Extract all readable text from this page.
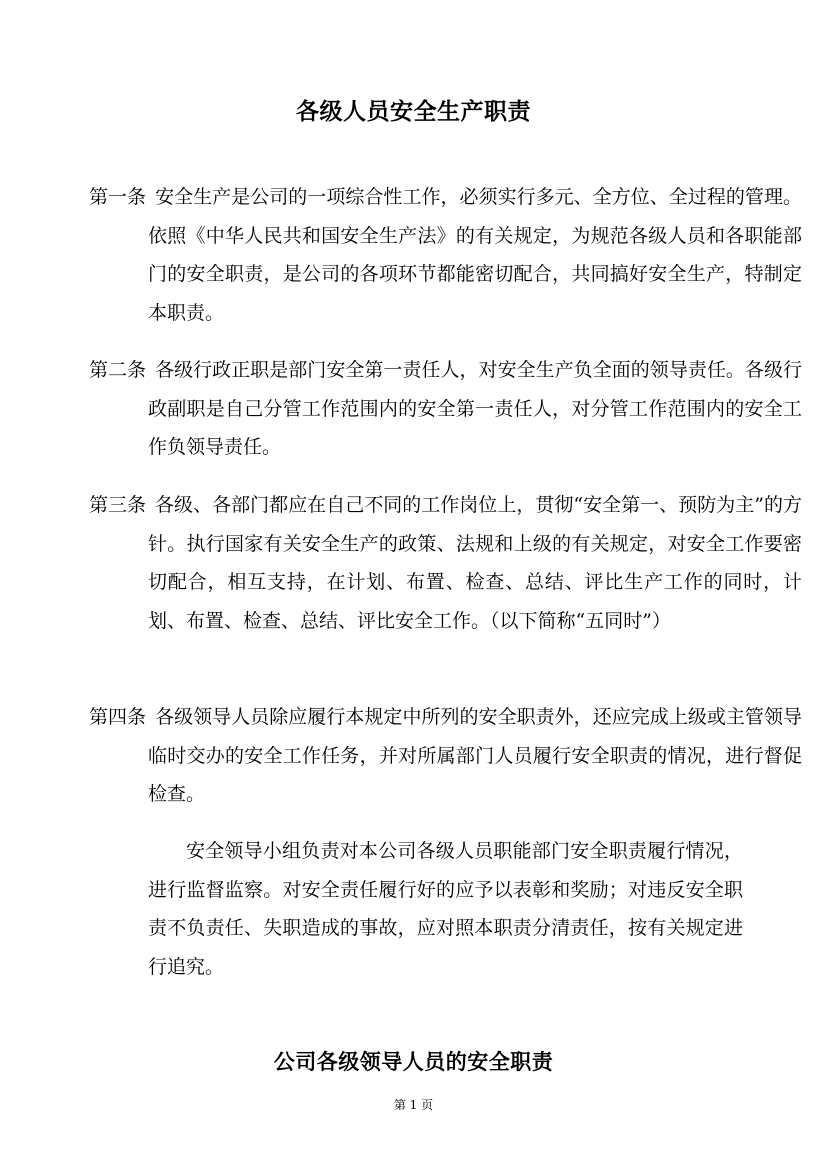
各级人员安全生产职责
第一条 安全生产是公司的一项综合性工作，必须实行多元、全方位、全过程的管理。依照《中华人民共和国安全生产法》的有关规定，为规范各级人员和各职能部门的安全职责，是公司的各项环节都能密切配合，共同搞好安全生产，特制定本职责。
第二条 各级行政正职是部门安全第一责任人，对安全生产负全面的领导责任。各级行政副职是自己分管工作范围内的安全第一责任人，对分管工作范围内的安全工作负领导责任。
第三条 各级、各部门都应在自己不同的工作岗位上，贯彻“安全第一、预防为主”的方针。执行国家有关安全生产的政策、法规和上级的有关规定，对安全工作要密切配合，相互支持，在计划、布置、检查、总结、评比生产工作的同时，计划、布置、检查、总结、评比安全工作。（以下简称“五同时”）
第四条 各级领导人员除应履行本规定中所列的安全职责外，还应完成上级或主管领导临时交办的安全工作任务，并对所属部门人员履行安全职责的情况，进行督促检查。
安全领导小组负责对本公司各级人员职能部门安全职责履行情况，进行监督监察。对安全责任履行好的应予以表彰和奖励；对违反安全职责不负责任、失职造成的事故，应对照本职责分清责任，按有关规定进行追究。
公司各级领导人员的安全职责
第 1 页
